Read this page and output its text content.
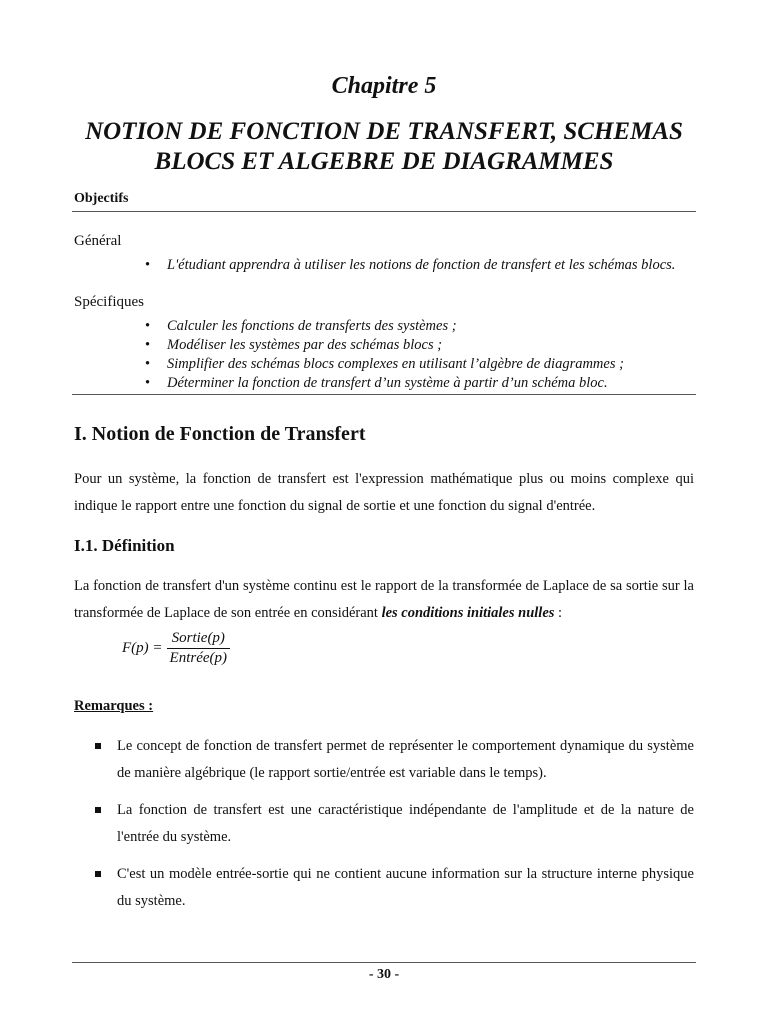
Chapitre 5
NOTION DE FONCTION DE TRANSFERT, SCHEMAS
BLOCS ET ALGEBRE DE DIAGRAMMES
Objectifs
Général
• L'étudiant apprendra à utiliser les notions de fonction de transfert et les schémas blocs.
Spécifiques
• Calculer les fonctions de transferts des systèmes ;
• Modéliser les systèmes par des schémas blocs ;
• Simplifier des schémas blocs complexes en utilisant l’algèbre de diagrammes ;
• Déterminer la fonction de transfert d’un système à partir d’un schéma bloc.
I. Notion de Fonction de Transfert
Pour un système, la fonction de transfert est l'expression mathématique plus ou moins complexe qui indique le rapport entre une fonction du signal de sortie et une fonction du signal d'entrée.
I.1. Définition
La fonction de transfert d'un système continu est le rapport de la transformée de Laplace de sa sortie sur la transformée de Laplace de son entrée en considérant les conditions initiales nulles :
$F(p) = \frac{\text{Sortie(p)}}{\text{Entrée(p)}}$
Remarques :
Le concept de fonction de transfert permet de représenter le comportement dynamique du système de manière algébrique (le rapport sortie/entrée est variable dans le temps).
La fonction de transfert est une caractéristique indépendante de l'amplitude et de la nature de l'entrée du système.
C'est un modèle entrée-sortie qui ne contient aucune information sur la structure interne physique du système.
- 30 -
